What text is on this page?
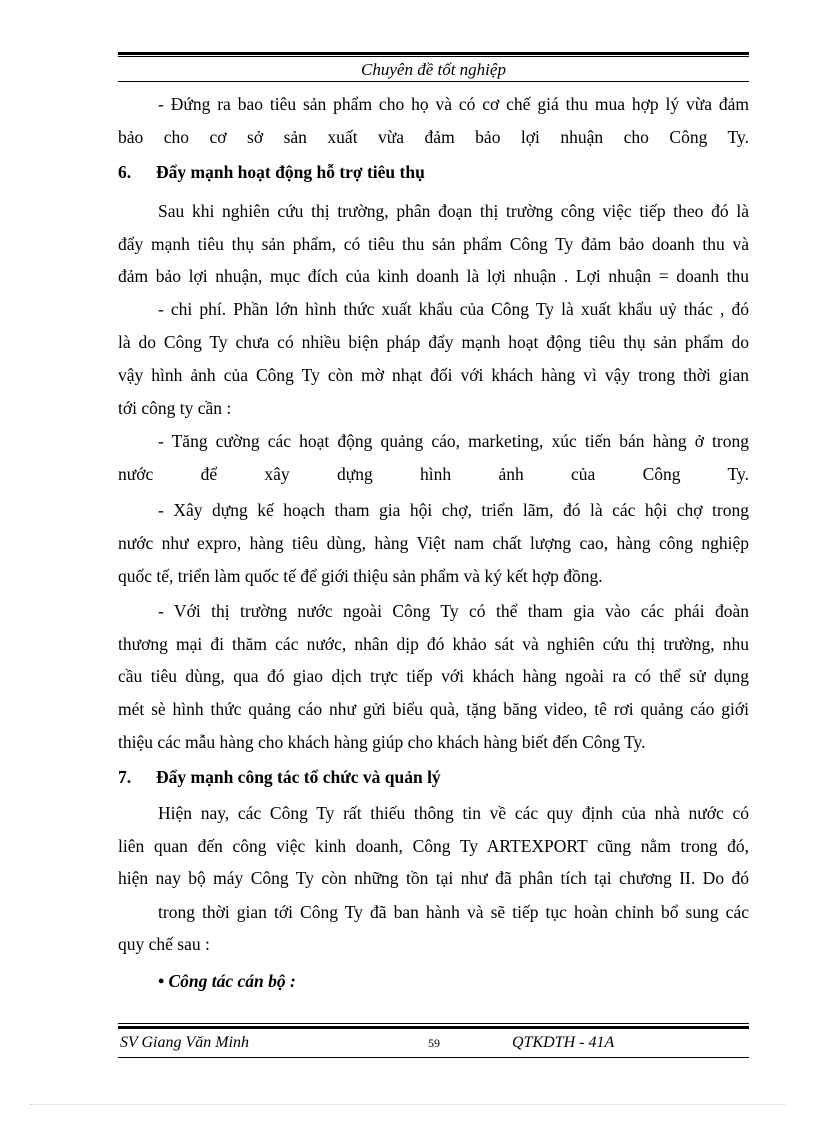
Chuyên đề tốt nghiệp
- Đứng ra bao tiêu sản phẩm cho họ và có cơ chế giá thu mua hợp lý vừa đảm
bảo cho cơ sở sản xuất vừa đảm bảo lợi nhuận cho Công Ty.
6. Đẩy mạnh hoạt động hỗ trợ tiêu thụ
Sau khi nghiên cứu thị trường, phân đoạn thị trường công việc tiếp theo đó là
đẩy mạnh tiêu thụ sản phẩm, có tiêu thu sản phẩm Công Ty đảm bảo doanh thu và
đảm bảo lợi nhuận, mục đích của kinh doanh là lợi nhuận . Lợi nhuận = doanh thu
- chi phí. Phần lớn hình thức xuất khẩu của Công Ty là xuất khẩu uỷ thác , đó
là do Công Ty chưa có nhiều biện pháp đẩy mạnh hoạt động tiêu thụ sản phẩm do
vậy hình ảnh của Công Ty còn mờ nhạt đối với khách hàng vì vậy trong thời gian
tới công ty cần :
- Tăng cường các hoạt động quảng cáo, marketing, xúc tiến bán hàng ở trong
nước để xây dựng hình ảnh của Công Ty.
- Xây dựng kế hoạch tham gia hội chợ, triển lãm, đó là các hội chợ trong
nước như expro, hàng tiêu dùng, hàng Việt nam chất lượng cao, hàng công nghiệp
quốc tế, triển làm quốc tế để giới thiệu sản phẩm và ký kết hợp đồng.
- Với thị trường nước ngoài Công Ty có thể tham gia vào các phái đoàn
thương mại đi thăm các nước, nhân dịp đó khảo sát và nghiên cứu thị trường, nhu
cầu tiêu dùng, qua đó giao dịch trực tiếp với khách hàng ngoài ra có thể sử dụng
mét sè hình thức quảng cáo như gửi biểu quà, tặng băng video, tê rơi quảng cáo giới
thiệu các mẫu hàng cho khách hàng giúp cho khách hàng biết đến Công Ty.
7. Đẩy mạnh công tác tổ chức và quản lý
Hiện nay, các Công Ty rất thiếu thông tin về các quy định của nhà nước có
liên quan đến công việc kinh doanh, Công Ty ARTEXPORT cũng nằm trong đó,
hiện nay bộ máy Công Ty còn những tồn tại như đã phân tích tại chương II. Do đó
trong thời gian tới Công Ty đã ban hành và sẽ tiếp tục hoàn chỉnh bổ sung các
quy chế sau :
• Công tác cán bộ :
SV Giang Văn Minh	59	QTKDTH - 41A
